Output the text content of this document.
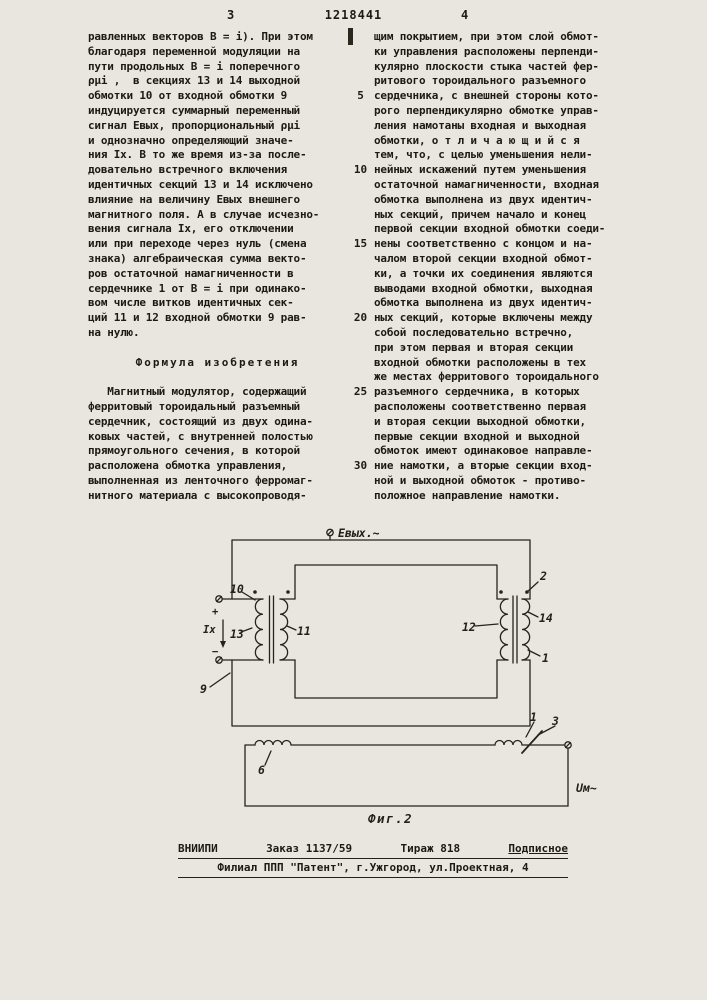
3	1218441	4
равленных векторов В = i). При этом
благодаря переменной модуляции на
пути продольных В = i поперечного
ρμi ,  в секциях 13 и 14 выходной
обмотки 10 от входной обмотки 9
индуцируется суммарный переменный
сигнал Евых, пропорциональный ρμi
и однозначно определяющий значе-
ния Iх. В то же время из-за после-
довательно встречного включения
идентичных секций 13 и 14 исключено
влияние на величину Евых внешнего
магнитного поля. А в случае исчезно-
вения сигнала Iх, его отключении
или при переходе через нуль (смена
знака) алгебраическая сумма векто-
ров остаточной намагниченности в
сердечнике 1 от В = i при одинако-
вом числе витков идентичных сек-
ций 11 и 12 входной обмотки 9 рав-
на нулю.
Формула изобретения
Магнитный модулятор, содержащий
ферритовый тороидальный разъемный
сердечник, состоящий из двух одина-
ковых частей, с внутренней полостью
прямоугольного сечения, в которой
расположена обмотка управления,
выполненная из ленточного ферромаг-
нитного материала с высокопроводя-

5

10

15

20

25

30

щим покрытием, при этом слой обмот-
ки управления расположены перпенди-
кулярно плоскости стыка частей фер-
ритового тороидального разъемного
сердечника, с внешней стороны кото-
рого перпендикулярно обмотке управ-
ления намотаны входная и выходная
обмотки, о т л и ч а ю щ и й с я
тем, что, с целью уменьшения нели-
нейных искажений путем уменьшения
остаточной намагниченности, входная
обмотка выполнена из двух идентич-
ных секций, причем начало и конец
первой секции входной обмотки соеди-
нены соответственно с концом и на-
чалом второй секции входной обмот-
ки, а точки их соединения являются
выводами входной обмотки, выходная
обмотка выполнена из двух идентич-
ных секций, которые включены между
собой последовательно встречно,
при этом первая и вторая секции
входной обмотки расположены в тех
же местах ферритового тороидального
разъемного сердечника, в которых
расположены соответственно первая
и вторая секции выходной обмотки,
первые секции входной и выходной
обмоток имеют одинаковое направле-
ние намотки, а вторые секции вход-
ной и выходной обмоток - противо-
положное направление намотки.
Евых.~
10
13	11	12
14
2
1
9
+
−
Iх
6
1 3
Uм~
Фиг.2
ВНИИПИ	Заказ 1137/59	Тираж 818	Подписное
Филиал ППП "Патент", г.Ужгород, ул.Проектная, 4
